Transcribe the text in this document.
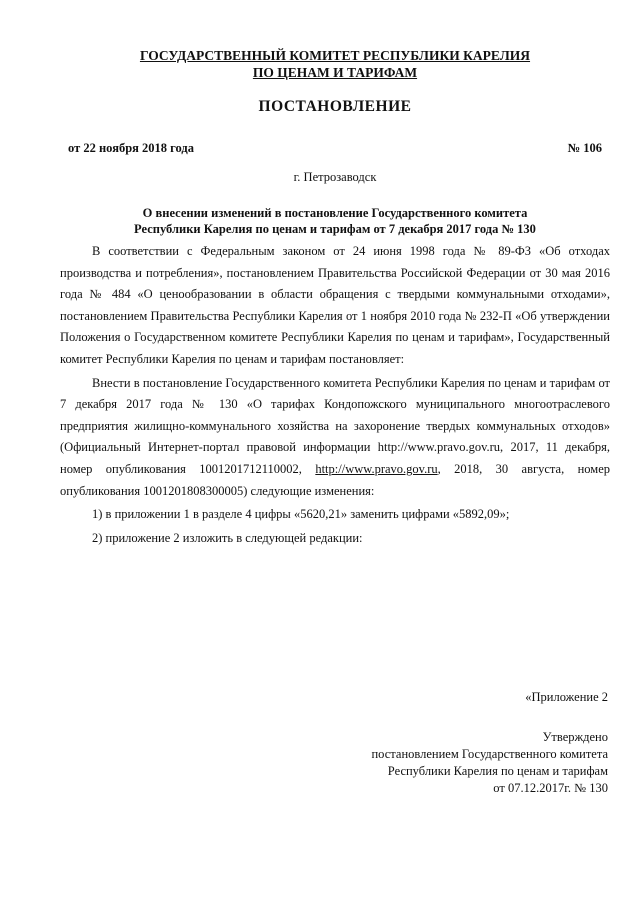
ГОСУДАРСТВЕННЫЙ КОМИТЕТ РЕСПУБЛИКИ КАРЕЛИЯ
ПО ЦЕНАМ И ТАРИФАМ
ПОСТАНОВЛЕНИЕ
от 22 ноября 2018 года	№ 106
г. Петрозаводск
О внесении изменений в постановление Государственного комитета
Республики Карелия по ценам и тарифам от 7 декабря 2017 года № 130

В соответствии с Федеральным законом от 24 июня 1998 года № 89-ФЗ «Об отходах производства и потребления», постановлением Правительства Российской Федерации от 30 мая 2016 года № 484 «О ценообразовании в области обращения с твердыми коммунальными отходами», постановлением Правительства Республики Карелия от 1 ноября 2010 года № 232-П «Об утверждении Положения о Государственном комитете Республики Карелия по ценам и тарифам», Государственный комитет Республики Карелия по ценам и тарифам постановляет:

Внести в постановление Государственного комитета Республики Карелия по ценам и тарифам от 7 декабря 2017 года № 130 «О тарифах Кондопожского муниципального многоотраслевого предприятия жилищно-коммунального хозяйства на захоронение твердых коммунальных отходов» (Официальный Интернет-портал правовой информации http://www.pravo.gov.ru, 2017, 11 декабря, номер опубликования 1001201712110002, http://www.pravo.gov.ru, 2018, 30 августа, номер опубликования 1001201808300005) следующие изменения:

1) в приложении 1 в разделе 4 цифры «5620,21» заменить цифрами «5892,09»;

2) приложение 2 изложить в следующей редакции:

«Приложение 2
Утверждено
постановлением Государственного комитета
Республики Карелия по ценам и тарифам
от 07.12.2017г. № 130
